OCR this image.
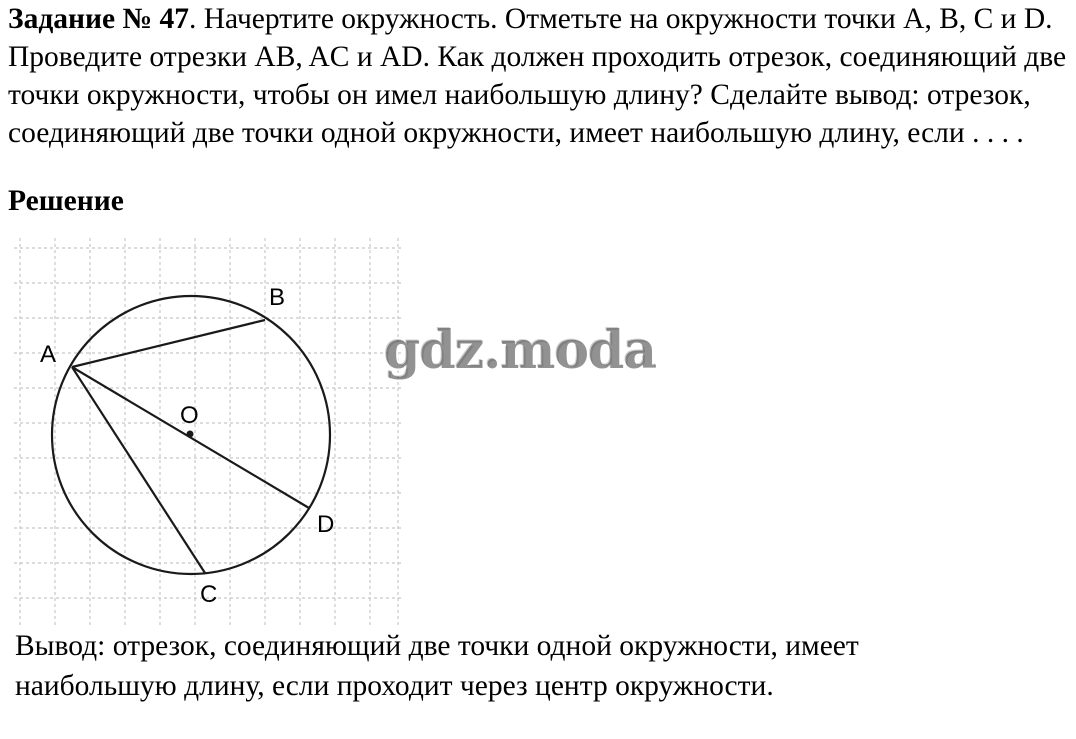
Задание № 47. Начертите окружность. Отметьте на окружности точки A, B, C и D. Проведите отрезки AB, AC и AD. Как должен проходить отрезок, соединяющий две точки окружности, чтобы он имел наибольшую длину? Сделайте вывод: отрезок, соединяющий две точки одной окружности, имеет наибольшую длину, если . . . .
Решение
A
B
O
D
C
gdz.moda
Вывод: отрезок, соединяющий две точки одной окружности, имеет
наибольшую длину, если проходит через центр окружности.
